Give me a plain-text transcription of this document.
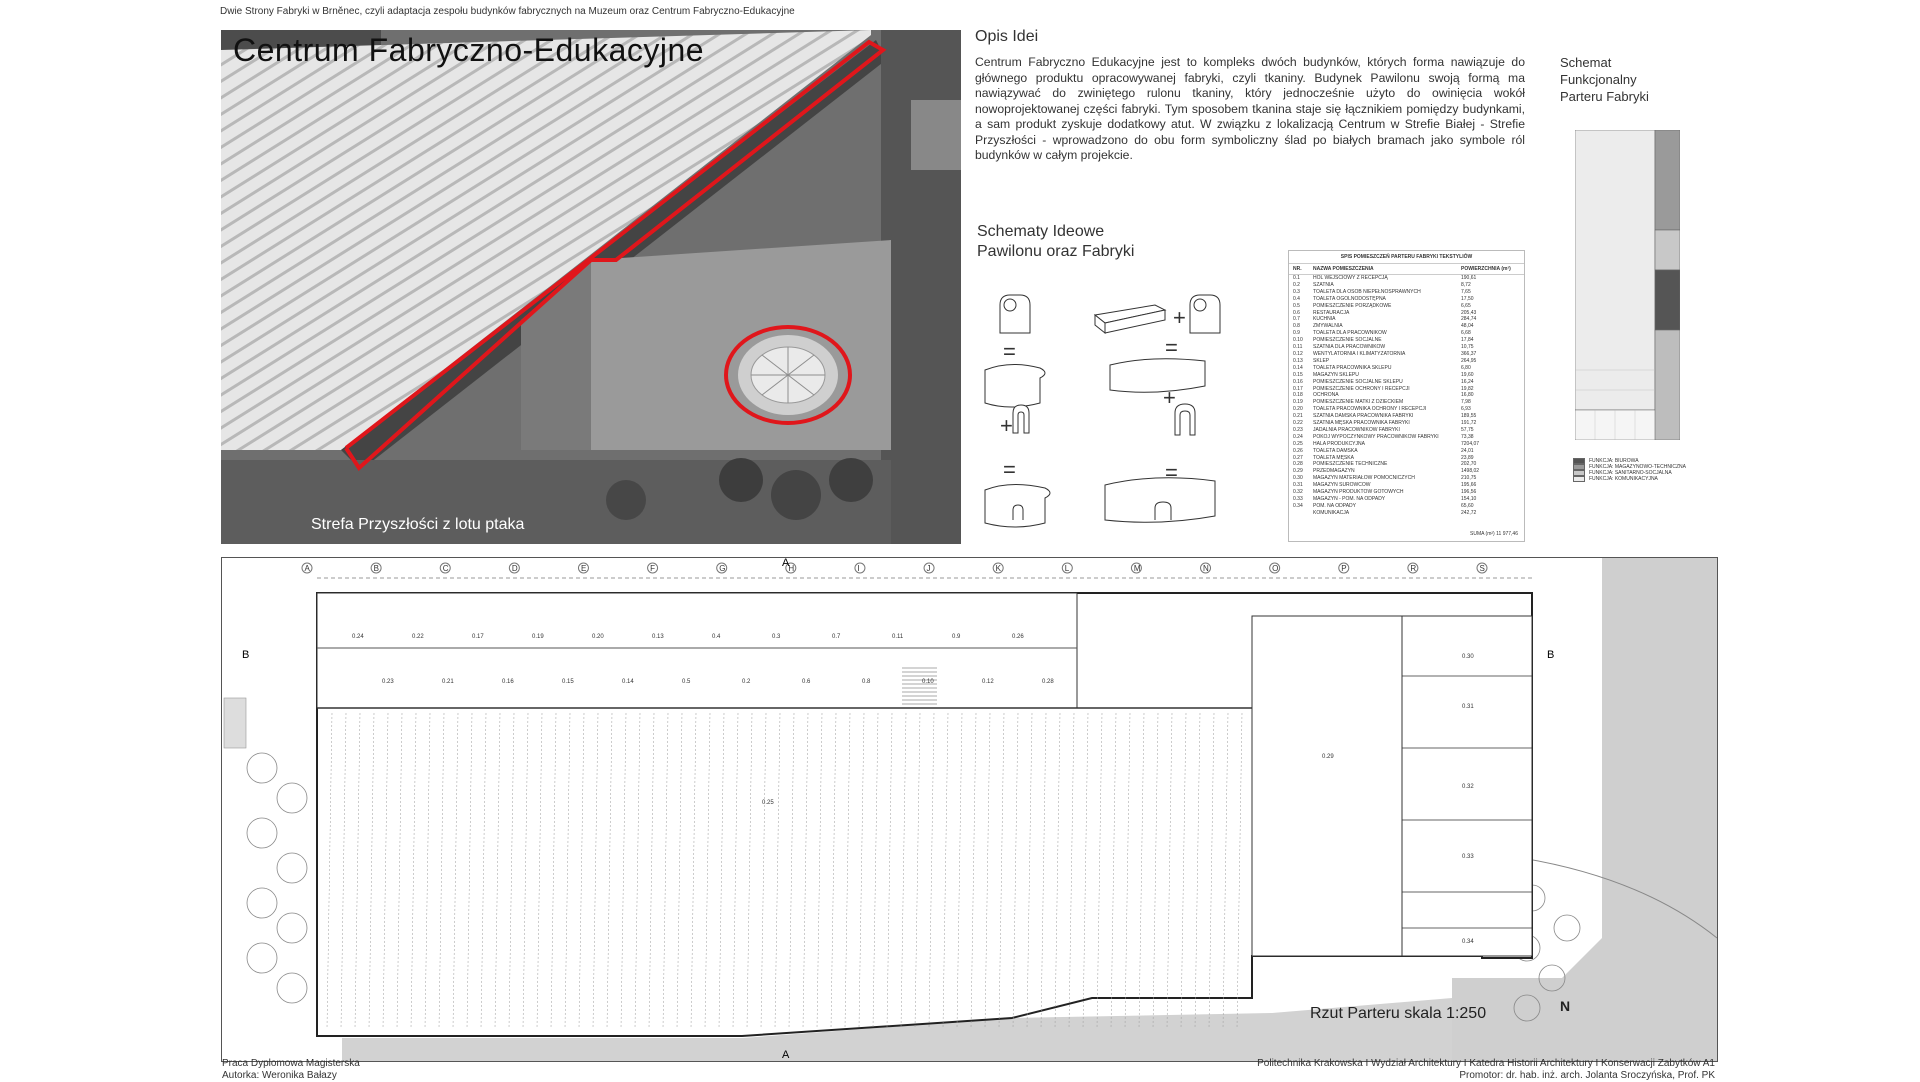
Dwie Strony Fabryki w Brněnec, czyli adaptacja zespołu budynków fabrycznych na Muzeum oraz Centrum Fabryczno-Edukacyjne
Centrum Fabryczno-Edukacyjne
Strefa Przyszłości z lotu ptaka
Opis Idei
Centrum Fabryczno Edukacyjne jest to kompleks dwóch budynków, których forma nawiązuje do głównego produktu opracowywanej fabryki, czyli tkaniny. Budynek Pawilonu swoją formą ma nawiązywać do zwiniętego rulonu tkaniny, który jednocześnie użyto do owinięcia wokół nowoprojektowanej części fabryki. Tym sposobem tkanina staje się łącznikiem pomiędzy budynkami, a sam produkt zyskuje dodatkowy atut. W związku z lokalizacją Centrum w Strefie Białej - Strefie Przyszłości - wprowadzono do obu form symboliczny ślad po białych bramach jako symbole ról budynków w całym projekcie.
Schematy Ideowe
Pawilonu oraz Fabryki
=
+
=
+
=
+
=
SPIS POMIESZCZEŃ PARTERU FABRYKI TEKSTYLIÓW
NR.	NAZWA POMIESZCZENIA	POWIERZCHNIA (m²)
0.1	HOL WEJŚCIOWY Z RECEPCJĄ	190,61
0.2	SZATNIA	8,72
0.3	TOALETA DLA OSÓB NIEPEŁNOSPRAWNYCH	7,65
0.4	TOALETA OGÓLNODOSTĘPNA	17,50
0.5	POMIESZCZENIE PORZĄDKOWE	6,65
0.6	RESTAURACJA	205,43
0.7	KUCHNIA	284,74
0.8	ZMYWALNIA	48,04
0.9	TOALETA DLA PRACOWNIKÓW	6,68
0.10	POMIESZCZENIE SOCJALNE	17,84
0.11	SZATNIA DLA PRACOWNIKÓW	10,75
0.12	WENTYLATORNIA I KLIMATYZATORNIA	366,37
0.13	SKLEP	264,95
0.14	TOALETA PRACOWNIKA SKLEPU	6,80
0.15	MAGAZYN SKLEPU	19,60
0.16	POMIESZCZENIE SOCJALNE SKLEPU	16,24
0.17	POMIESZCZENIE OCHRONY I RECEPCJI	19,82
0.18	OCHRONA	16,80
0.19	POMIESZCZENIE MATKI Z DZIECKIEM	7,98
0.20	TOALETA PRACOWNIKA OCHRONY I RECEPCJI	6,93
0.21	SZATNIA DAMSKA PRACOWNIKA FABRYKI	189,55
0.22	SZATNIA MĘSKA PRACOWNIKA FABRYKI	191,72
0.23	JADALNIA PRACOWNIKÓW FABRYKI	57,75
0.24	POKÓJ WYPOCZYNKOWY PRACOWNIKÓW FABRYKI	73,38
0.25	HALA PRODUKCYJNA	7204,07
0.26	TOALETA DAMSKA	24,01
0.27	TOALETA MĘSKA	23,89
0.28	POMIESZCZENIE TECHNICZNE	202,70
0.29	PRZEDMAGAZYN	1498,02
0.30	MAGAZYN MATERIAŁÓW POMOCNICZYCH	210,75
0.31	MAGAZYN SUROWCÓW	195,66
0.32	MAGAZYN PRODUKTÓW GOTOWYCH	196,56
0.33	MAGAZYN - POM. NA ODPADY	154,10
0.34	POM. NA ODPADY	65,60
KOMUNIKACJA	242,72
SUMA (m²) 11 977,46
Schemat
Funkcjonalny
Parteru Fabryki
FUNKCJA: BIUROWA
FUNKCJA: MAGAZYNOWO-TECHNICZNA
FUNKCJA: SANITARNO-SOCJALNA
FUNKCJA: KOMUNIKACYJNA
A	B	C	D	E	F	G	H	I	J	K	L	M	N	O	P	R	S
0.24
0.23
0.22
0.21
0.17
0.16
0.19
0.15
0.20
0.14
0.13
0.5
0.4
0.2
0.3
0.6
0.7
0.8
0.11
0.10
0.9
0.12
0.26
0.28
0.30
0.29
0.31
0.32
0.33
0.34
0.25
A
A
B	B
Rzut Parteru skala 1:250	N
Praca Dyplomowa Magisterska
Autorka: Weronika Bałazy
Politechnika Krakowska I Wydział Architektury I Katedra Historii Architektury I Konserwacji Zabytków A1
Promotor: dr. hab. inż. arch. Jolanta Sroczyńska, Prof. PK
